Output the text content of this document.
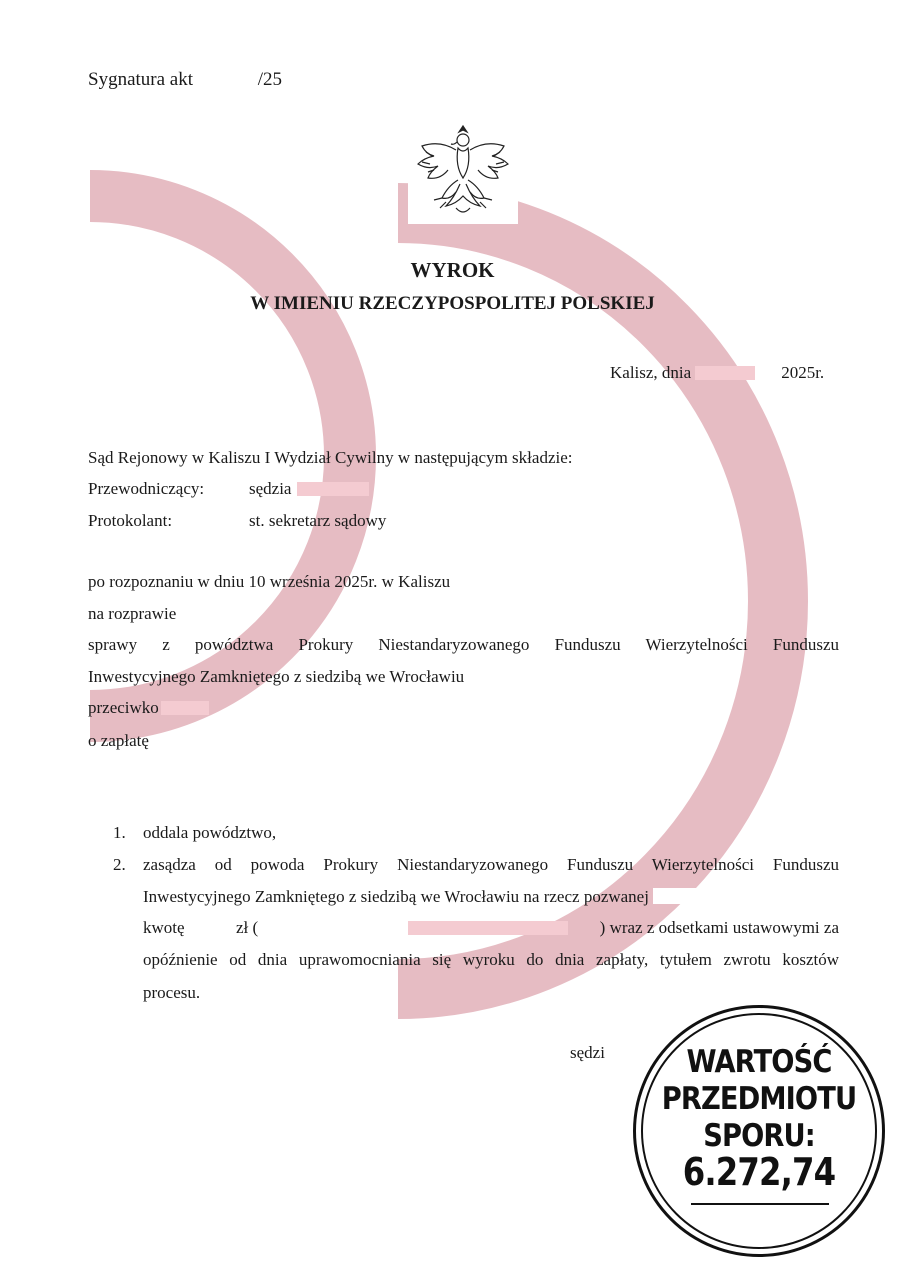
Sygnatura akt	/25
WYROK
W IMIENIU RZECZYPOSPOLITEJ POLSKIEJ
Kalisz, dnia	2025r.
Sąd Rejonowy w Kaliszu I Wydział Cywilny w następującym składzie:
Przewodniczący:	sędzia
Protokolant:	st. sekretarz sądowy
po rozpoznaniu w dniu 10 września 2025r. w Kaliszu
na rozprawie
sprawy z powództwa Prokury Niestandaryzowanego Funduszu Wierzytelności Funduszu
Inwestycyjnego Zamkniętego z siedzibą we Wrocławiu
przeciwko
o zapłatę
1. oddala powództwo,
2. zasądza od powoda Prokury Niestandaryzowanego Funduszu Wierzytelności Funduszu
Inwestycyjnego Zamkniętego z siedzibą we Wrocławiu na rzecz pozwanej
kwotę	zł (	) wraz z odsetkami ustawowymi za
opóźnienie od dnia uprawomocniania się wyroku do dnia zapłaty, tytułem zwrotu kosztów
procesu.
sędzi	WARTOŚĆ
PRZEDMIOTU
SPORU:
6.272,74
